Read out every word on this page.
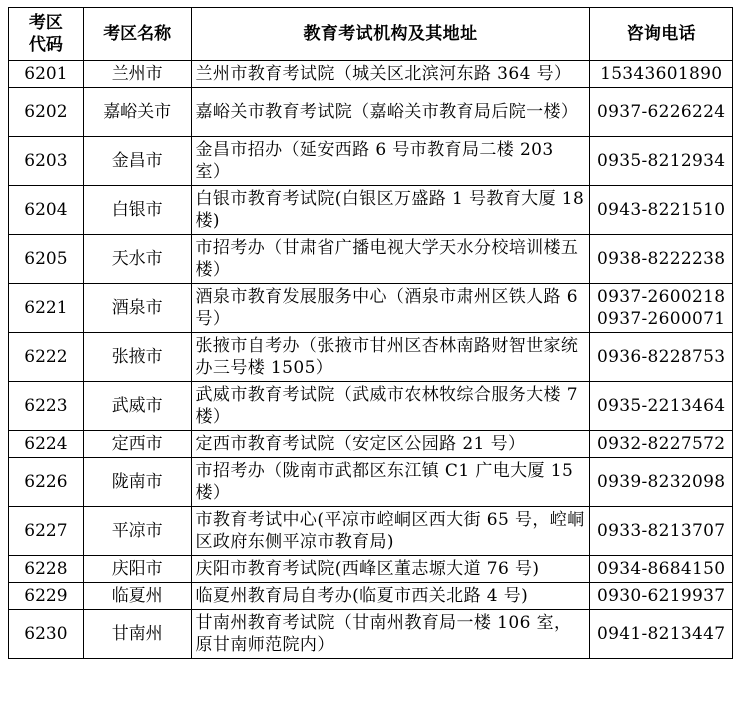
考区
代码	考区名称	教育考试机构及其地址	咨询电话
6201	兰州市	兰州市教育考试院（城关区北滨河东路 364 号）	15343601890

6202	嘉峪关市	嘉峪关市教育考试院（嘉峪关市教育局后院一楼）	0937-6226224

6203	金昌市	金昌市招办（延安西路 6 号市教育局二楼 203 室）	0935-8212934

6204	白银市	白银市教育考试院(白银区万盛路 1 号教育大厦 18 楼)	0943-8221510

6205	天水市	市招考办（甘肃省广播电视大学天水分校培训楼五楼）	0938-8222238

6221	酒泉市	酒泉市教育发展服务中心（酒泉市肃州区铁人路 6 号）	0937-2600218
0937-2600071

6222	张掖市	张掖市自考办（张掖市甘州区杏林南路财智世家统办三号楼 1505）	0936-8228753

6223	武威市	武威市教育考试院（武威市农林牧综合服务大楼 7 楼）	0935-2213464

6224	定西市	定西市教育考试院（安定区公园路 21 号）	0932-8227572

6226	陇南市	市招考办（陇南市武都区东江镇 C1 广电大厦 15 楼）	0939-8232098

6227	平凉市	市教育考试中心(平凉市崆峒区西大街 65 号，崆峒区政府东侧平凉市教育局)	0933-8213707

6228	庆阳市	庆阳市教育考试院(西峰区董志塬大道 76 号)	0934-8684150

6229	临夏州	临夏州教育局自考办(临夏市西关北路 4 号)	0930-6219937

6230	甘南州	甘南州教育考试院（甘南州教育局一楼 106 室，原甘南师范院内）	0941-8213447
